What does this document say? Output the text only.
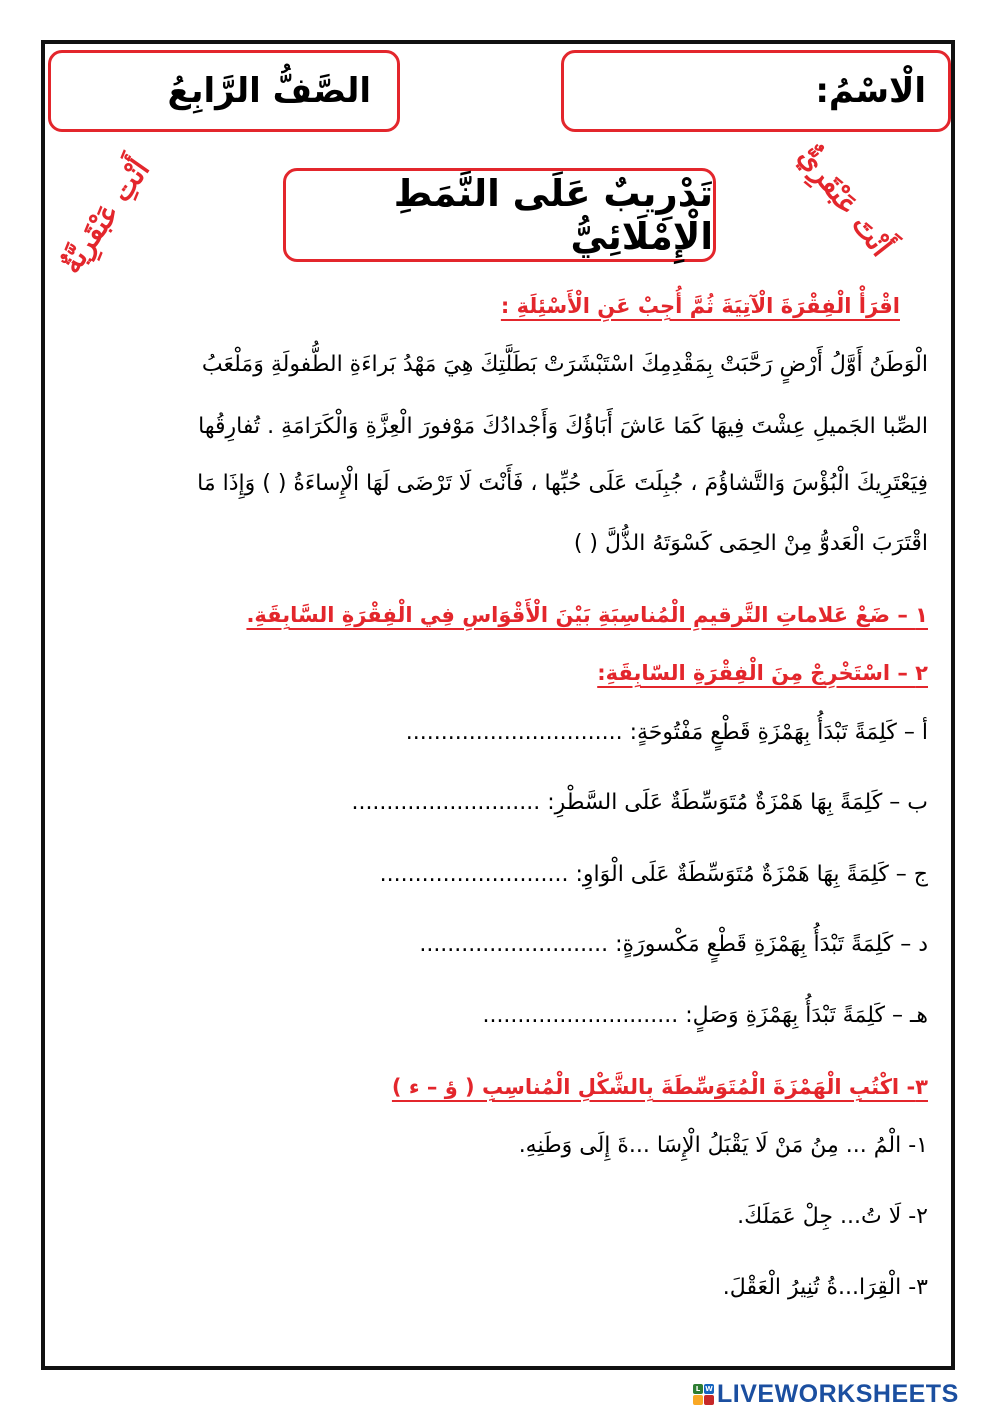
الْاسْمُ:
الصَّفُّ الرَّابِعُ
تَدْرِيبٌ عَلَى النَّمَطِ الْإِمْلَائِيُّ	أَنْتَ عَبْقَرِيٌّ
أَنْتِ عَبْقَرِيَّةٌ
اقْرَأْ الْفِقْرَةَ الْآتِيَةَ ثُمَّ أُجِبْ عَنِ الْأَسْئِلَةِ :
الْوَطَنُ أَوَّلُ أَرْضٍ رَحَّبَتْ بِمَقْدِمِكَ اسْتَبْشَرَتْ بَطَلَّتِكَ هِيَ مَهْدُ بَراءَةِ الطُّفولَةِ وَمَلْعَبُ
الصِّبا الجَميلِ عِشْتَ فِيهَا كَمَا عَاشَ أَبَاؤُكَ وَأَجْدادُكَ مَوْفورَ الْعِزَّةِ وَالْكَرَامَةِ . تُفارِقُها
فِيَعْتَرِيكَ الْبُؤْسَ وَالتَّشاؤُمَ ، جُبِلَتَ عَلَى حُبِّها ، فَأَنْتَ لَا تَرْضَى لَهَا الْإِساءَةُ ( ) وَإِذَا مَا
اقْتَرَبَ الْعَدوُّ مِنْ الحِمَى كَسْوَتَهُ الذُّلَّ ( )
١ – ضَعْ عَلاماتِ التَّرقيمِ الْمُناسِبَةِ بَيْنَ الْأَقْوَاسِ فِي الْفِقْرَةِ السَّابِقَةِ.
٢ – اسْتَخْرِجْ مِنَ الْفِقْرَةِ السّابِقَةِ:
أ – كَلِمَةً تَبْدَأُ بِهَمْزَةِ قَطْعٍ مَفْتُوحَةٍ: ...............................
ب – كَلِمَةً بِهَا هَمْزَةٌ مُتَوَسِّطَةٌ عَلَى السَّطْرِ: ...........................
ج – كَلِمَةً بِهَا هَمْزَةٌ مُتَوَسِّطَةٌ عَلَى الْوَاوِ: ...........................
د – كَلِمَةً تَبْدَأُ بِهَمْزَةِ قَطْعٍ مَكْسورَةٍ: ...........................
هـ – كَلِمَةً تَبْدَأُ بِهَمْزَةِ وَصَلٍ: ............................
٣- اكْتُبِ الْهَمْزَةَ الْمُتَوَسِّطَةَ بِالشَّكْلِ الْمُناسِبِ ( ؤ – ء )
١- الْمُ ... مِنُ مَنْ لَا يَقْبَلُ الْإِسَا ...ةَ إِلَى وَطَنِهِ.
٢- لَا تُ... جِلْ عَمَلَكَ.
٣- الْقِرَا...ةُ تُنِيرُ الْعَقْلَ.
L W LIVEWORKSHEETS
